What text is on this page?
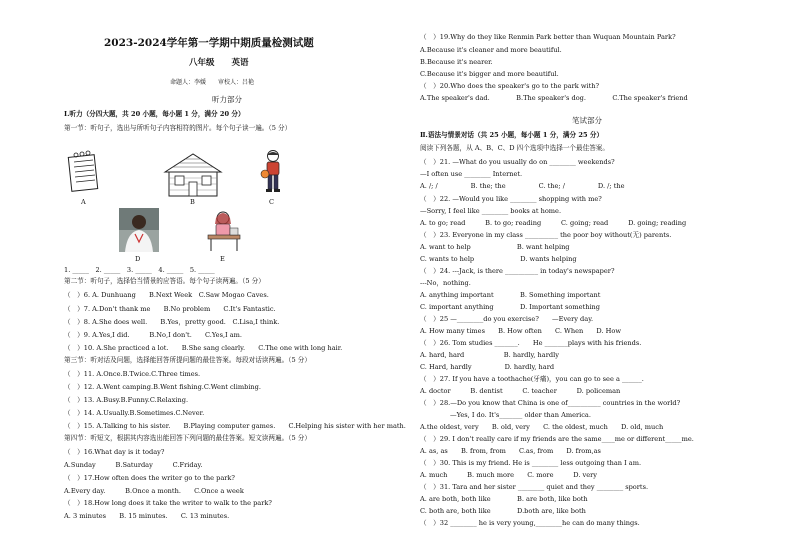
2023-2024学年第一学期中期质量检测试题
八年级　　英语
命题人：李媛　　审校人：吕艳
听力部分
Ⅰ.听力（分四大题，共 20 小题，每小题 1 分，满分 20 分）
第一节：听句子，选出与所听句子内容相符的图片。每个句子读一遍。（5 分）
A	B	C
D	E
1. _____　2. _____　3. _____　4. _____　5. _____
第二节：听句子，选择恰当情景的应答语。每个句子读两遍。（5 分）
（　）6. A. Dunhuang　　B.Next Week　C.Saw Mogao Caves.
（　）7. A.Don't thank me　　B.No problem　　C.It's Fantastic.
（　）8. A.She does well.　　B.Yes，pretty good.　C.Lisa,I think.
（　）9. A.Yes,I did.　　　B.No,I don't.　　C.Yes,I am.
（　）10. A.She practiced a lot.　　B.She sang clearly.　　C.The one with long hair.
第三节：听对话及问题，选择能回答所提问题的最佳答案。每段对话读两遍。（5 分）
（　）11. A.Once.B.Twice.C.Three times.
（　）12. A.Went camping.B.Went fishing.C.Went climbing.
（　）13. A.Busy.B.Funny.C.Relaxing.
（　）14. A.Usually.B.Sometimes.C.Never.
（　）15. A.Talking to his sister.　　B.Playing computer games.　　C.Helping his sister with her math.
第四节：听短文，根据其内容选出能回答下列问题的最佳答案。短文读两遍。（5 分）
（　）16.What day is it today?
A.Sunday　　　B.Saturday　　　C.Friday.
（　）17.How often does the writer go to the park?
A.Every day.　　　B.Once a month.　　C.Once a week
（　）18.How long does it take the writer to walk to the park?
A. 3 minutes　　B. 15 minutes.　　C. 13 minutes.
（　）19.Why do they like Renmin Park better than Wuquan Mountain Park?
A.Because it's cleaner and more beautiful.
B.Because it's nearer.
C.Because it's bigger and more beautiful.
（　）20.Who does the speaker's go to the park with?
A.The speaker's dad.　　　　B.The speaker's dog.　　　　C.The speaker's friend
笔试部分
Ⅱ.语法与情景对话（共 25 小题，每小题 1 分，满分 25 分）
阅读下列各题，从 A、B、C、D 四个选项中选择一个最佳答案。
（　）21. —What do you usually do on ________ weekends?
—I often use ________ Internet.
A. /; /　　　　　B. the; the　　　　　C. the; /　　　　　D. /; the
（　）22. —Would you like ________ shopping with me?
—Sorry, I feel like ________ books at home.
A. to go; read　　　B. to go; reading　　　C. going; read　　　D. going; reading
（　）23. Everyone in my class __________ the poor boy without(无) parents.
A. want to help　　　　　　　B. want helping
C. wants to help　　　　　　　D. wants helping
（　）24. ---Jack, is there __________ in today's newspaper?
---No，nothing.
A. anything important　　　　B. Something important
C. important anything　　　　D. Important something
（　）25 —________do you exercise?　　—Every day.
A. How many times　　B. How often　　C. When　　D. How
（　）26. Tom studies _______.　　He _______plays with his friends.
A. hard, hard　　　　　　B. hardly, hardly
C. Hard, hardly　　　　　D. hardly, hard
（　）27. If you have a toothache(牙痛)，you can go to see a ______.
A. doctor　　　B. dentist　　　C. teacher　　　D. policeman
（　）28.—Do you know that China is one of__________ countries in the world?
—Yes, I do. It's_______ older than America.
A.the oldest, very　　B. old, very　　C. the oldest, much　　D. old, much
（　）29. I don't really care if my friends are the same____me or different_____me.
A. as, as　　B. from, from　　C.as, from　　D. from,as
（　）30. This is my friend. He is ________ less outgoing than I am.
A. much　　　B. much more　　C. more　　　D. very
（　）31. Tara and her sister ________ quiet and they ________ sports.
A. are both, both like　　　　B. are both, like both
C. both are, both like　　　　D.both are, like both
（　）32 ________ he is very young,________he can do many things.
